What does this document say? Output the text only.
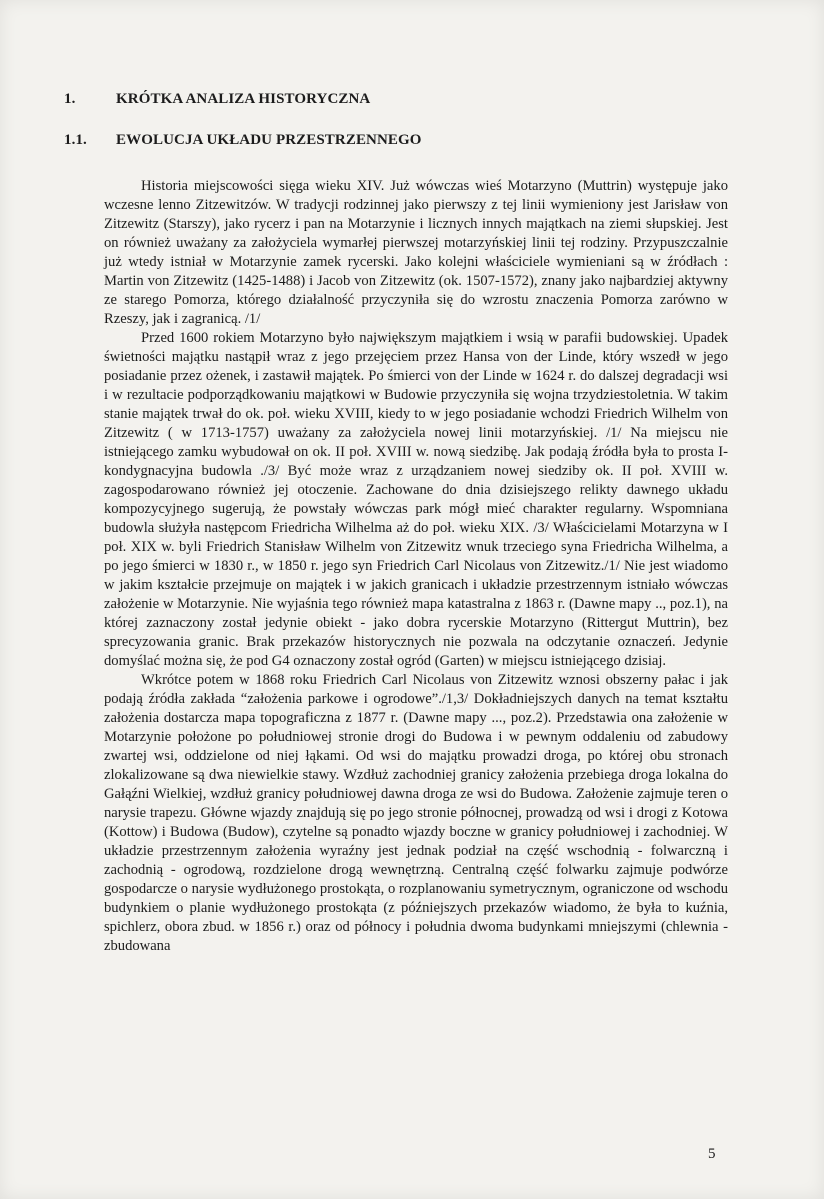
1.	KRÓTKA ANALIZA HISTORYCZNA
1.1.	EWOLUCJA UKŁADU PRZESTRZENNEGO

Historia miejscowości sięga wieku XIV. Już wówczas wieś Motarzyno (Muttrin) występuje jako wczesne lenno Zitzewitzów. W tradycji rodzinnej jako pierwszy z tej linii wymieniony jest Jarisław von Zitzewitz (Starszy), jako rycerz i pan na Motarzynie i licznych innych majątkach na ziemi słupskiej. Jest on również uważany za założyciela wymarłej pierwszej motarzyńskiej linii tej rodziny. Przypuszczalnie już wtedy istniał w Motarzynie zamek rycerski. Jako kolejni właściciele wymieniani są w źródłach : Martin von Zitzewitz (1425-1488) i Jacob von Zitzewitz (ok. 1507-1572), znany jako najbardziej aktywny ze starego Pomorza, którego działalność przyczyniła się do wzrostu znaczenia Pomorza zarówno w Rzeszy, jak i zagranicą. /1/

Przed 1600 rokiem Motarzyno było największym majątkiem i wsią w parafii budowskiej. Upadek świetności majątku nastąpił wraz z jego przejęciem przez Hansa von der Linde, który wszedł w jego posiadanie przez ożenek, i zastawił majątek. Po śmierci von der Linde w 1624 r. do dalszej degradacji wsi i w rezultacie podporządkowaniu majątkowi w Budowie przyczyniła się wojna trzydziestoletnia. W takim stanie majątek trwał do ok. poł. wieku XVIII, kiedy to w jego posiadanie wchodzi Friedrich Wilhelm von Zitzewitz ( w 1713-1757) uważany za założyciela nowej linii motarzyńskiej. /1/ Na miejscu nie istniejącego zamku wybudował on ok. II poł. XVIII w. nową siedzibę. Jak podają źródła była to prosta I-kondygnacyjna budowla ./3/ Być może wraz z urządzaniem nowej siedziby ok. II poł. XVIII w. zagospodarowano również jej otoczenie. Zachowane do dnia dzisiejszego relikty dawnego układu kompozycyjnego sugerują, że powstały wówczas park mógł mieć charakter regularny. Wspomniana budowla służyła następcom Friedricha Wilhelma aż do poł. wieku XIX. /3/ Właścicielami Motarzyna w I poł. XIX w. byli Friedrich Stanisław Wilhelm von Zitzewitz wnuk trzeciego syna Friedricha Wilhelma, a po jego śmierci w 1830 r., w 1850 r. jego syn Friedrich Carl Nicolaus von Zitzewitz./1/ Nie jest wiadomo w jakim kształcie przejmuje on majątek i w jakich granicach i układzie przestrzennym istniało wówczas założenie w Motarzynie. Nie wyjaśnia tego również mapa katastralna z 1863 r. (Dawne mapy .., poz.1), na której zaznaczony został jedynie obiekt - jako dobra rycerskie Motarzyno (Rittergut Muttrin), bez sprecyzowania granic. Brak przekazów historycznych nie pozwala na odczytanie oznaczeń. Jedynie domyślać można się, że pod G4 oznaczony został ogród (Garten) w miejscu istniejącego dzisiaj.

Wkrótce potem w 1868 roku Friedrich Carl Nicolaus von Zitzewitz wznosi obszerny pałac i jak podają źródła zakłada “założenia parkowe i ogrodowe”./1,3/ Dokładniejszych danych na temat kształtu założenia dostarcza mapa topograficzna z 1877 r. (Dawne mapy ..., poz.2). Przedstawia ona założenie w Motarzynie położone po południowej stronie drogi do Budowa i w pewnym oddaleniu od zabudowy zwartej wsi, oddzielone od niej łąkami. Od wsi do majątku prowadzi droga, po której obu stronach zlokalizowane są dwa niewielkie stawy. Wzdłuż zachodniej granicy założenia przebiega droga lokalna do Gałąźni Wielkiej, wzdłuż granicy południowej dawna droga ze wsi do Budowa. Założenie zajmuje teren o narysie trapezu. Główne wjazdy znajdują się po jego stronie północnej, prowadzą od wsi i drogi z Kotowa (Kottow) i Budowa (Budow), czytelne są ponadto wjazdy boczne w granicy południowej i zachodniej. W układzie przestrzennym założenia wyraźny jest jednak podział na część wschodnią - folwarczną i zachodnią - ogrodową, rozdzielone drogą wewnętrzną. Centralną część folwarku zajmuje podwórze gospodarcze o narysie wydłużonego prostokąta, o rozplanowaniu symetrycznym, ograniczone od wschodu budynkiem o planie wydłużonego prostokąta (z późniejszych przekazów wiadomo, że była to kuźnia, spichlerz, obora zbud. w 1856 r.) oraz od północy i południa dwoma budynkami mniejszymi (chlewnia - zbudowana

5
